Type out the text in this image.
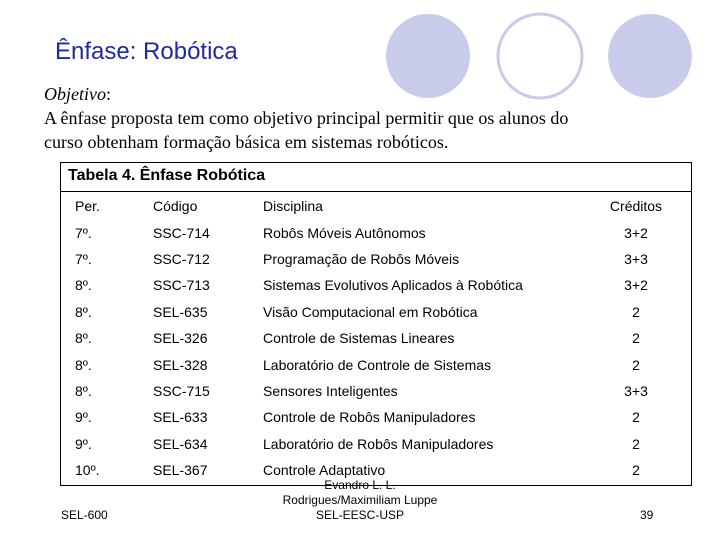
Ênfase: Robótica
Objetivo:
A ênfase proposta tem como objetivo principal permitir que os alunos do
curso obtenham formação básica em sistemas robóticos.
Tabela 4. Ênfase Robótica
Per.	Código	Disciplina	Créditos
7º.	SSC-714	Robôs Móveis Autônomos	3+2
7º.	SSC-712	Programação de Robôs Móveis	3+3
8º.	SSC-713	Sistemas Evolutivos Aplicados à Robótica	3+2
8º.	SEL-635	Visão Computacional em Robótica	2
8º.	SEL-326	Controle de Sistemas Lineares	2
8º.	SEL-328	Laboratório de Controle de Sistemas	2
8º.	SSC-715	Sensores Inteligentes	3+3
9º.	SEL-633	Controle de Robôs Manipuladores	2
9º.	SEL-634	Laboratório de Robôs Manipuladores	2
10º.	SEL-367	Controle Adaptativo	2
SEL-600
Evandro L. L.
Rodrigues/Maximiliam Luppe
SEL-EESC-USP	39
